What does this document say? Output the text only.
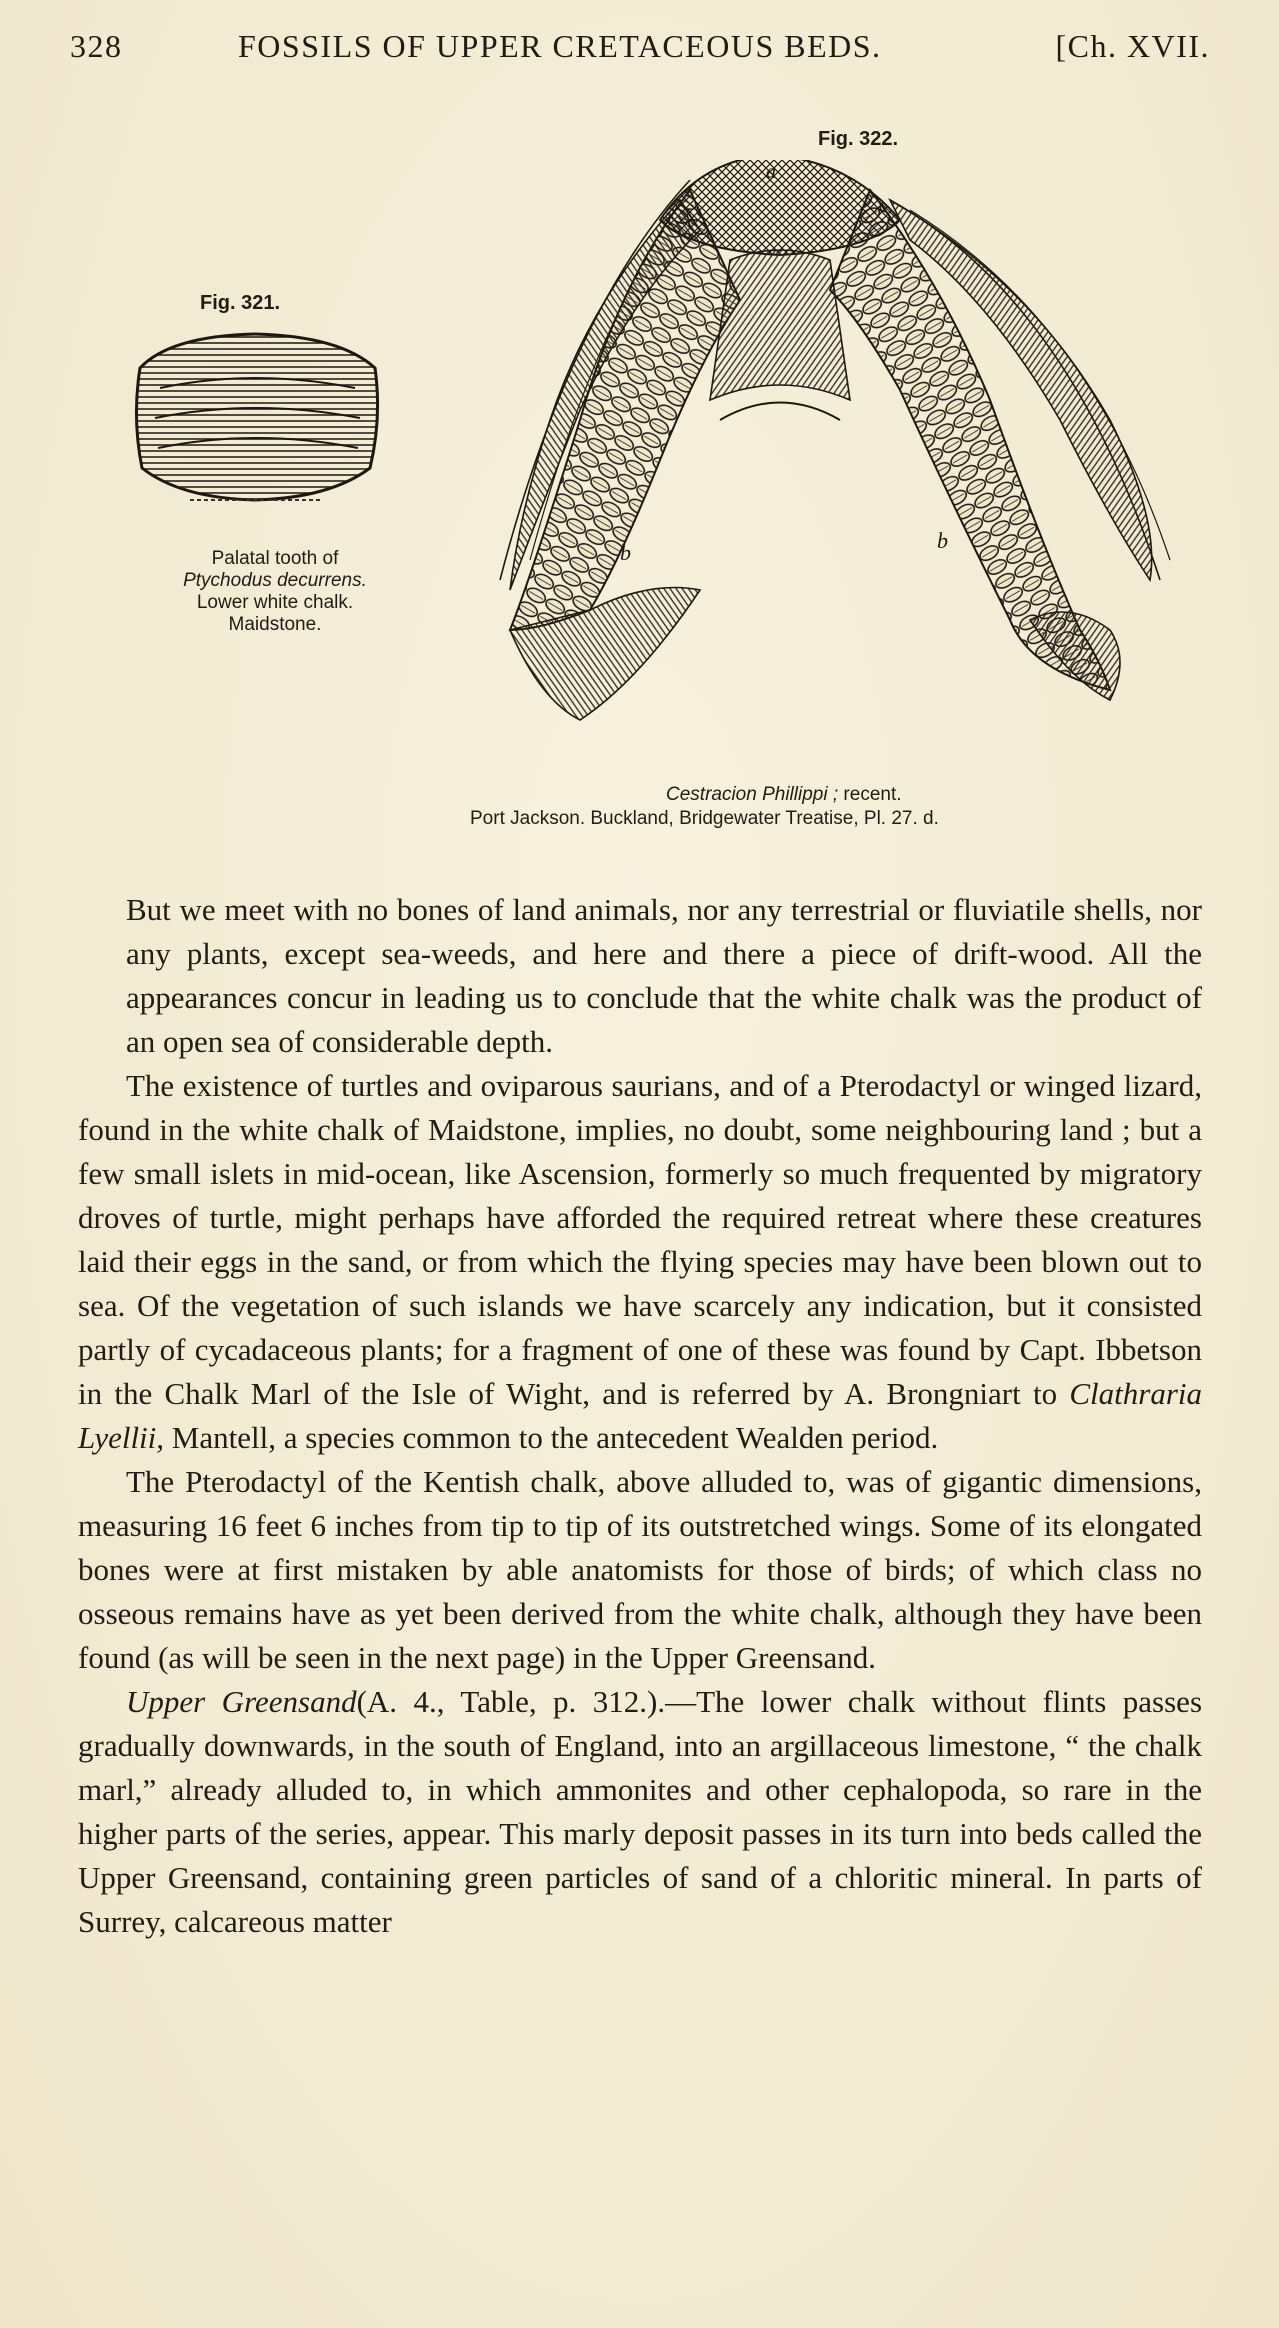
328	FOSSILS OF UPPER CRETACEOUS BEDS.	[Ch. XVII.
Fig. 322.
Fig. 321.
Palatal tooth of
Ptychodus decurrens.
Lower white chalk.
Maidstone.
a
b	b
Cestracion Phillippi ; recent.
Port Jackson. Buckland, Bridgewater Treatise, Pl. 27. d.

But we meet with no bones of land animals, nor any terrestrial or fluviatile shells, nor any plants, except sea-weeds, and here and there a piece of drift-wood. All the appearances concur in leading us to conclude that the white chalk was the product of an open sea of considerable depth.

The existence of turtles and oviparous saurians, and of a Pterodactyl or winged lizard, found in the white chalk of Maidstone, implies, no doubt, some neighbouring land ; but a few small islets in mid-ocean, like Ascension, formerly so much frequented by migratory droves of turtle, might perhaps have afforded the required retreat where these creatures laid their eggs in the sand, or from which the flying species may have been blown out to sea. Of the vegetation of such islands we have scarcely any indication, but it consisted partly of cycadaceous plants; for a fragment of one of these was found by Capt. Ibbetson in the Chalk Marl of the Isle of Wight, and is referred by A. Brongniart to Clathraria Lyellii, Mantell, a species common to the antecedent Wealden period.

The Pterodactyl of the Kentish chalk, above alluded to, was of gigantic dimensions, measuring 16 feet 6 inches from tip to tip of its outstretched wings. Some of its elongated bones were at first mistaken by able anatomists for those of birds; of which class no osseous remains have as yet been derived from the white chalk, although they have been found (as will be seen in the next page) in the Upper Greensand.

Upper Greensand(A. 4., Table, p. 312.).—The lower chalk without flints passes gradually downwards, in the south of England, into an argillaceous limestone, “ the chalk marl,” already alluded to, in which ammonites and other cephalopoda, so rare in the higher parts of the series, appear. This marly deposit passes in its turn into beds called the Upper Greensand, containing green particles of sand of a chloritic mineral. In parts of Surrey, calcareous matter
